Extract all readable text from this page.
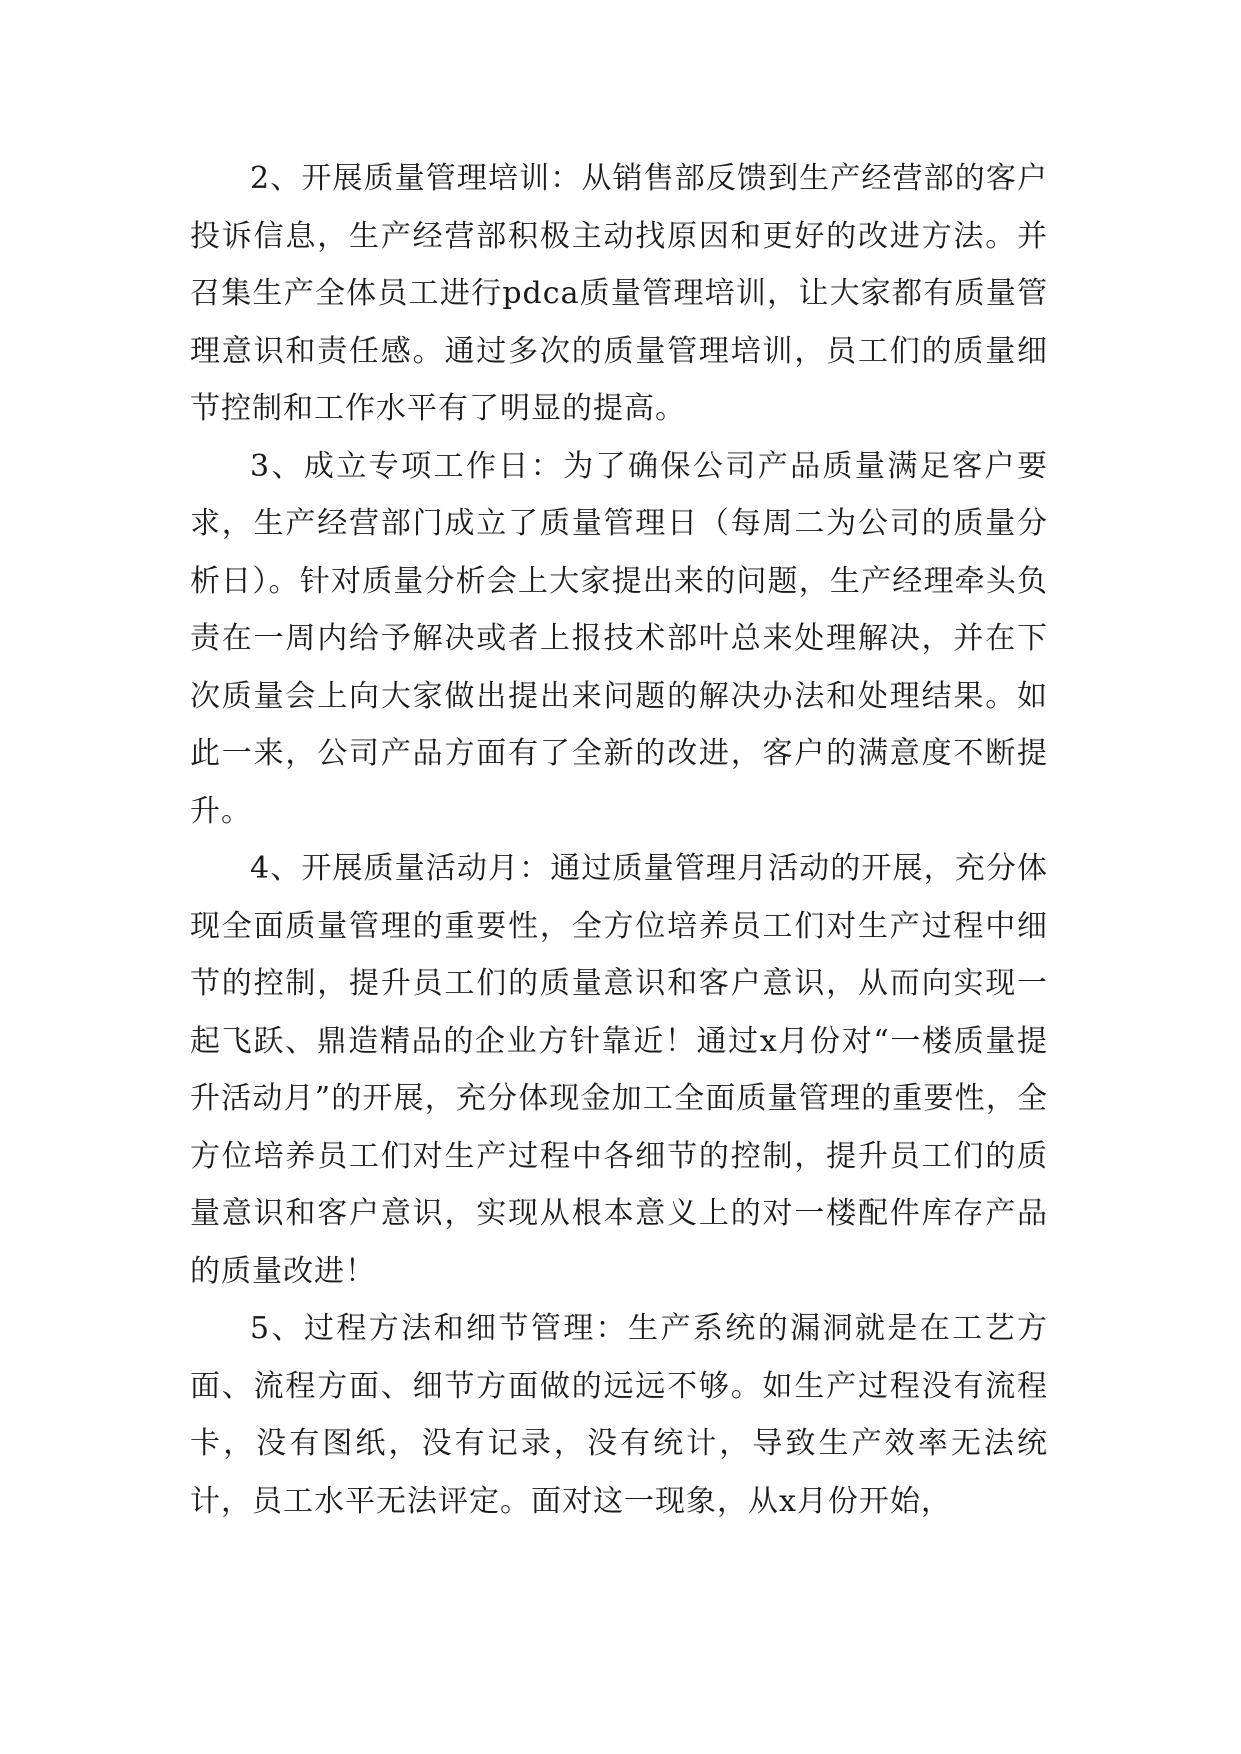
2、开展质量管理培训：从销售部反馈到生产经营部的客户投诉信息，生产经营部积极主动找原因和更好的改进方法。并召集生产全体员工进行pdca质量管理培训，让大家都有质量管理意识和责任感。通过多次的质量管理培训，员工们的质量细节控制和工作水平有了明显的提高。

3、成立专项工作日：为了确保公司产品质量满足客户要求，生产经营部门成立了质量管理日（每周二为公司的质量分析日）。针对质量分析会上大家提出来的问题，生产经理牵头负责在一周内给予解决或者上报技术部叶总来处理解决，并在下次质量会上向大家做出提出来问题的解决办法和处理结果。如此一来，公司产品方面有了全新的改进，客户的满意度不断提升。

4、开展质量活动月：通过质量管理月活动的开展，充分体现全面质量管理的重要性，全方位培养员工们对生产过程中细节的控制，提升员工们的质量意识和客户意识，从而向实现一起飞跃、鼎造精品的企业方针靠近！通过x月份对“一楼质量提升活动月”的开展，充分体现金加工全面质量管理的重要性，全方位培养员工们对生产过程中各细节的控制，提升员工们的质量意识和客户意识，实现从根本意义上的对一楼配件库存产品的质量改进！

5、过程方法和细节管理：生产系统的漏洞就是在工艺方面、流程方面、细节方面做的远远不够。如生产过程没有流程卡，没有图纸，没有记录，没有统计，导致生产效率无法统计，员工水平无法评定。面对这一现象，从x月份开始，
